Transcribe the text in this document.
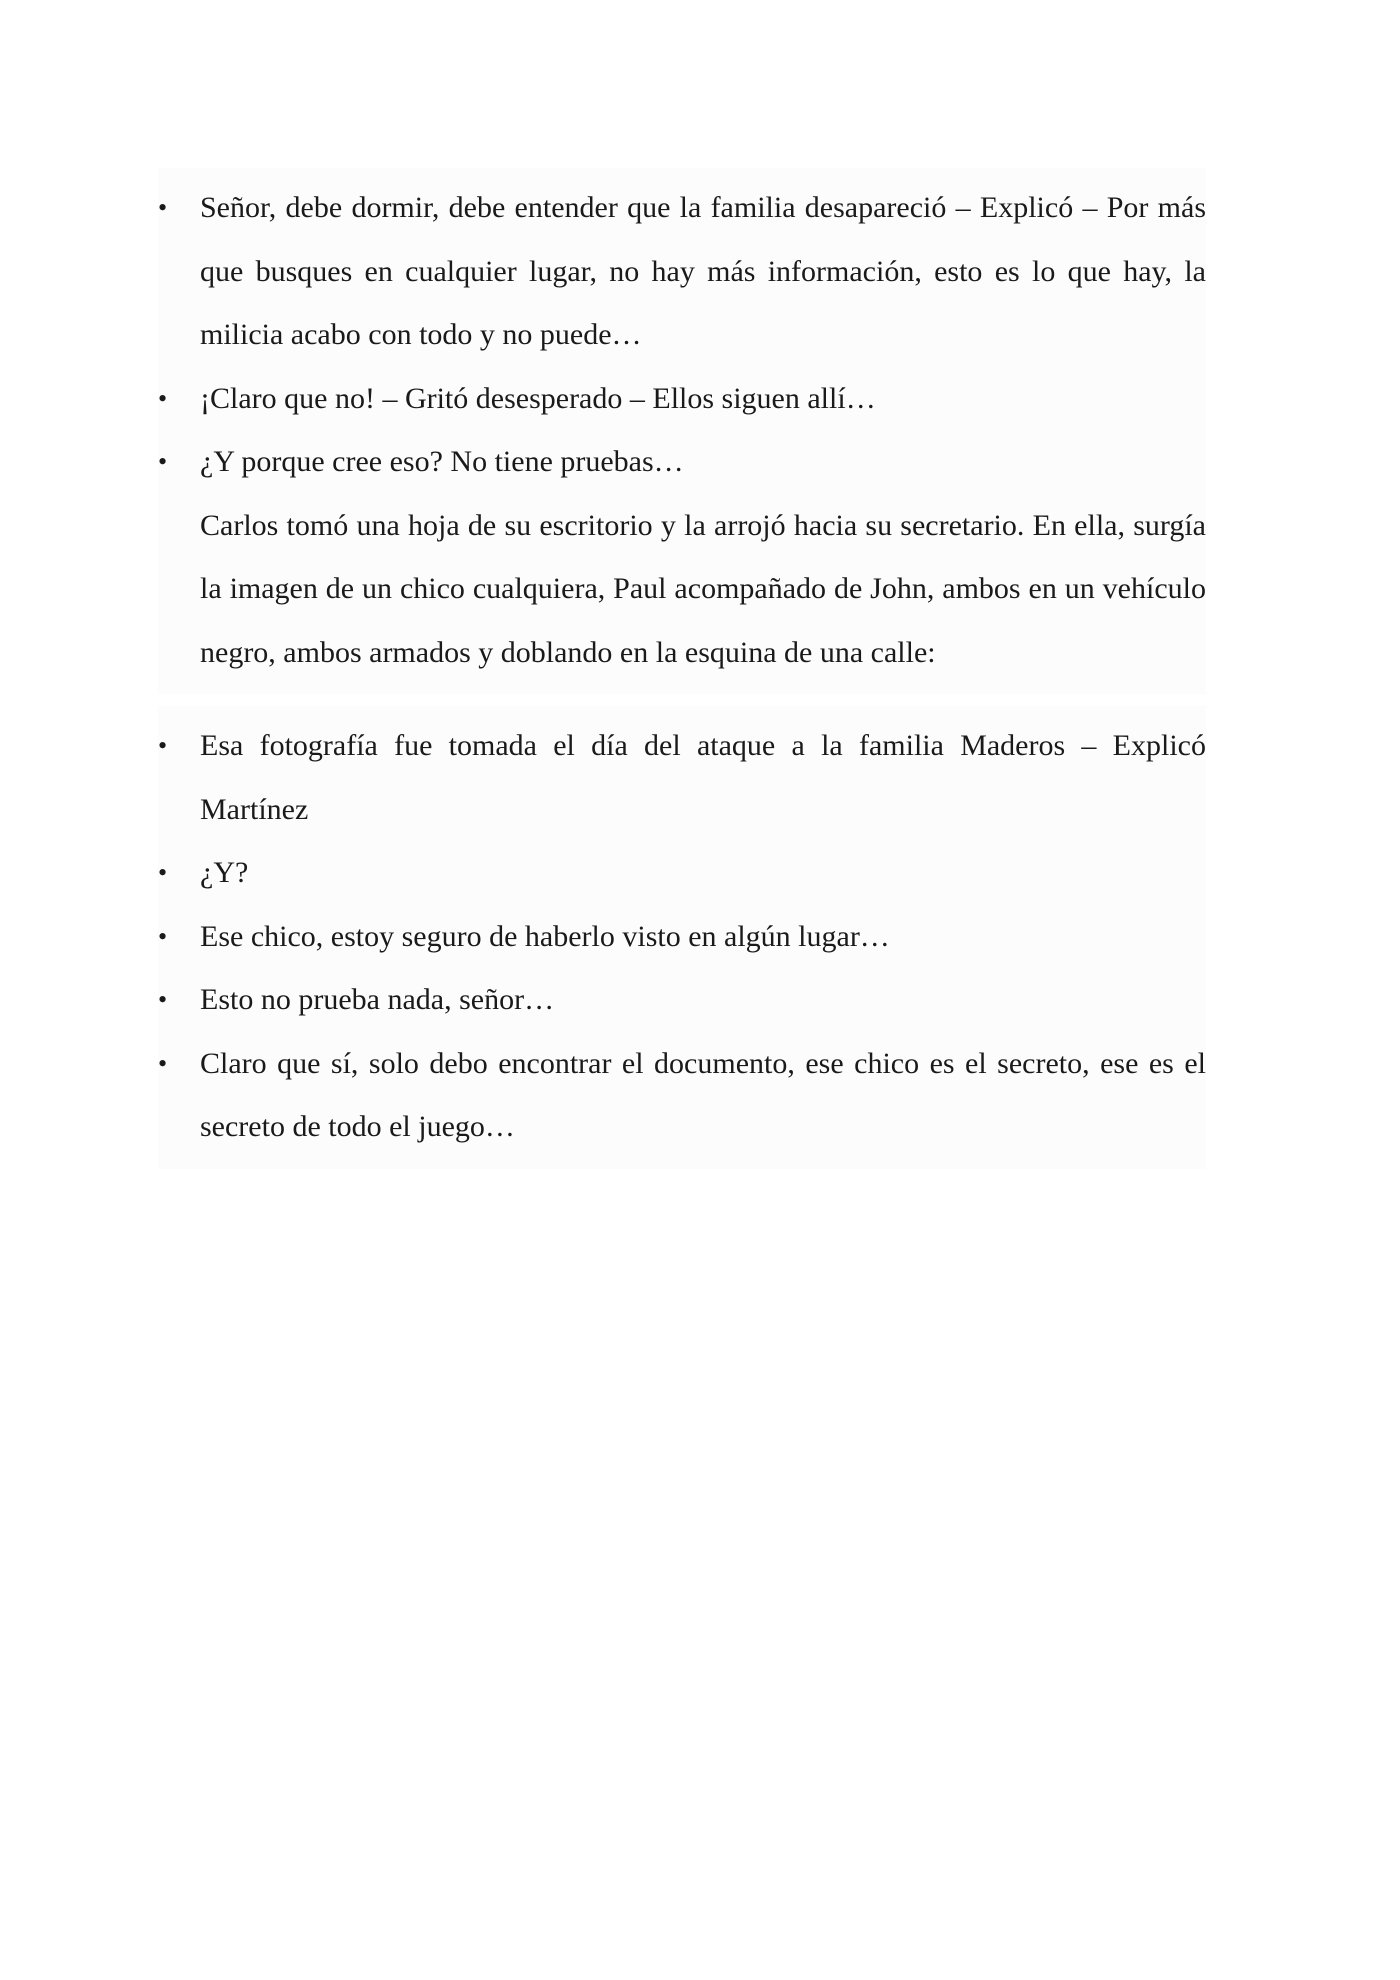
•	Señor, debe dormir, debe entender que la familia desapareció – Explicó – Por más que busques en cualquier lugar, no hay más información, esto es lo que hay, la milicia acabo con todo y no puede…

•	¡Claro que no! – Gritó desesperado – Ellos siguen allí…

•	¿Y porque cree eso? No tiene pruebas…

Carlos tomó una hoja de su escritorio y la arrojó hacia su secretario. En ella, surgía la imagen de un chico cualquiera, Paul acompañado de John, ambos en un vehículo negro, ambos armados y doblando en la esquina de una calle:

•	Esa fotografía fue tomada el día del ataque a la familia Maderos – Explicó Martínez

•	¿Y?

•	Ese chico, estoy seguro de haberlo visto en algún lugar…

•	Esto no prueba nada, señor…

•	Claro que sí, solo debo encontrar el documento, ese chico es el secreto, ese es el secreto de todo el juego…
